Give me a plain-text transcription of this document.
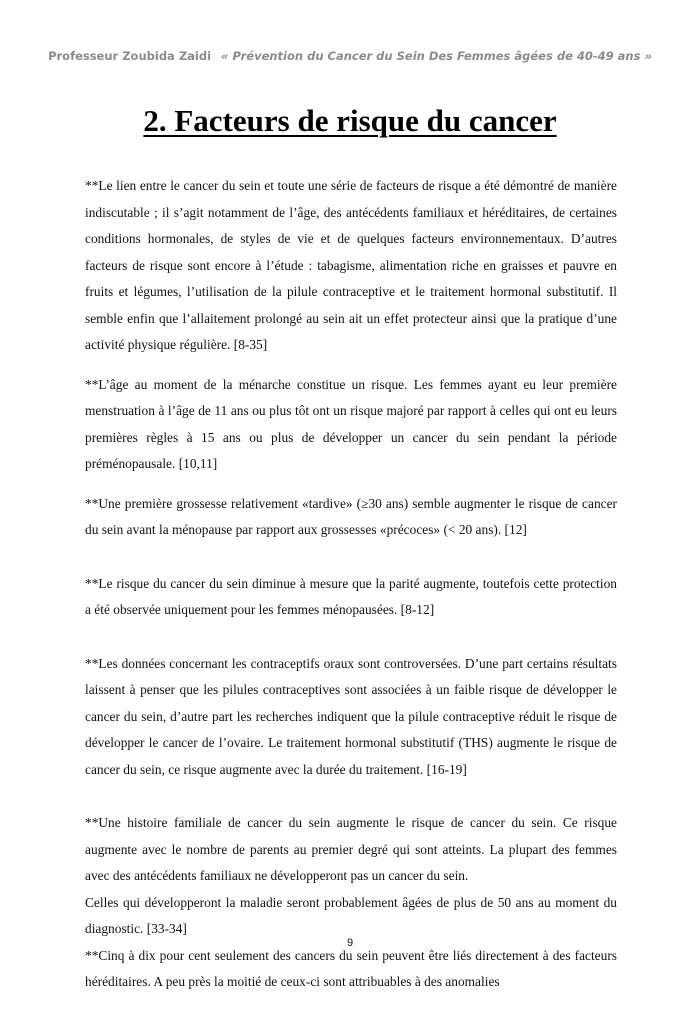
Professeur Zoubida Zaidi « Prévention du Cancer du Sein Des Femmes âgées de 40-49 ans »
2. Facteurs de risque du cancer

**Le lien entre le cancer du sein et toute une série de facteurs de risque a été démontré de manière indiscutable ; il s’agit notamment de l’âge, des antécédents familiaux et héréditaires, de certaines conditions hormonales, de styles de vie et de quelques facteurs environnementaux. D’autres facteurs de risque sont encore à l’étude : tabagisme, alimentation riche en graisses et pauvre en fruits et légumes, l’utilisation de la pilule contraceptive et le traitement hormonal substitutif. Il semble enfin que l’allaitement prolongé au sein ait un effet protecteur ainsi que la pratique d’une activité physique régulière. [8-35]

**L’âge au moment de la ménarche constitue un risque. Les femmes ayant eu leur première menstruation à l’âge de 11 ans ou plus tôt ont un risque majoré par rapport à celles qui ont eu leurs premières règles à 15 ans ou plus de développer un cancer du sein pendant la période préménopausale. [10,11]

**Une première grossesse relativement «tardive» (≥30 ans) semble augmenter le risque de cancer du sein avant la ménopause par rapport aux grossesses «précoces» (< 20 ans). [12]

**Le risque du cancer du sein diminue à mesure que la parité augmente, toutefois cette protection a été observée uniquement pour les femmes ménopausées. [8-12]

**Les données concernant les contraceptifs oraux sont controversées. D’une part certains résultats laissent à penser que les pilules contraceptives sont associées à un faible risque de développer le cancer du sein, d’autre part les recherches indiquent que la pilule contraceptive réduit le risque de développer le cancer de l’ovaire. Le traitement hormonal substitutif (THS) augmente le risque de cancer du sein, ce risque augmente avec la durée du traitement. [16-19]

**Une histoire familiale de cancer du sein augmente le risque de cancer du sein. Ce risque augmente avec le nombre de parents au premier degré qui sont atteints. La plupart des femmes avec des antécédents familiaux ne développeront pas un cancer du sein.

Celles qui développeront la maladie seront probablement âgées de plus de 50 ans au moment du diagnostic. [33-34]

**Cinq à dix pour cent seulement des cancers du sein peuvent être liés directement à des facteurs héréditaires. A peu près la moitié de ceux-ci sont attribuables à des anomalies

9
